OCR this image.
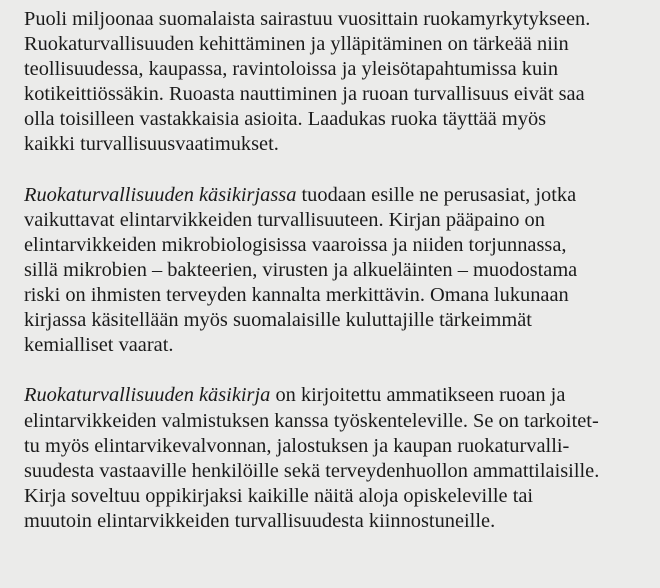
Puoli miljoonaa suomalaista sairastuu vuosittain ruokamyrkytykseen.
Ruokaturvallisuuden kehittäminen ja ylläpitäminen on tärkeää niin
teollisuudessa, kaupassa, ravintoloissa ja yleisötapahtumissa kuin
kotikeittiössäkin. Ruoasta nauttiminen ja ruoan turvallisuus eivät saa
olla toisilleen vastakkaisia asioita. Laadukas ruoka täyttää myös
kaikki turvallisuusvaatimukset.

Ruokaturvallisuuden käsikirjassa tuodaan esille ne perusasiat, jotka
vaikuttavat elintarvikkeiden turvallisuuteen. Kirjan pääpaino on
elintarvikkeiden mikrobiologisissa vaaroissa ja niiden torjunnassa,
sillä mikrobien – bakteerien, virusten ja alkueläinten – muodostama
riski on ihmisten terveyden kannalta merkittävin. Omana lukunaan
kirjassa käsitellään myös suomalaisille kuluttajille tärkeimmät
kemialliset vaarat.

Ruokaturvallisuuden käsikirja on kirjoitettu ammatikseen ruoan ja
elintarvikkeiden valmistuksen kanssa työskenteleville. Se on tarkoitet-
tu myös elintarvikevalvonnan, jalostuksen ja kaupan ruokaturvalli-
suudesta vastaaville henkilöille sekä terveydenhuollon ammattilaisille.
Kirja soveltuu oppikirjaksi kaikille näitä aloja opiskeleville tai
muutoin elintarvikkeiden turvallisuudesta kiinnostuneille.
